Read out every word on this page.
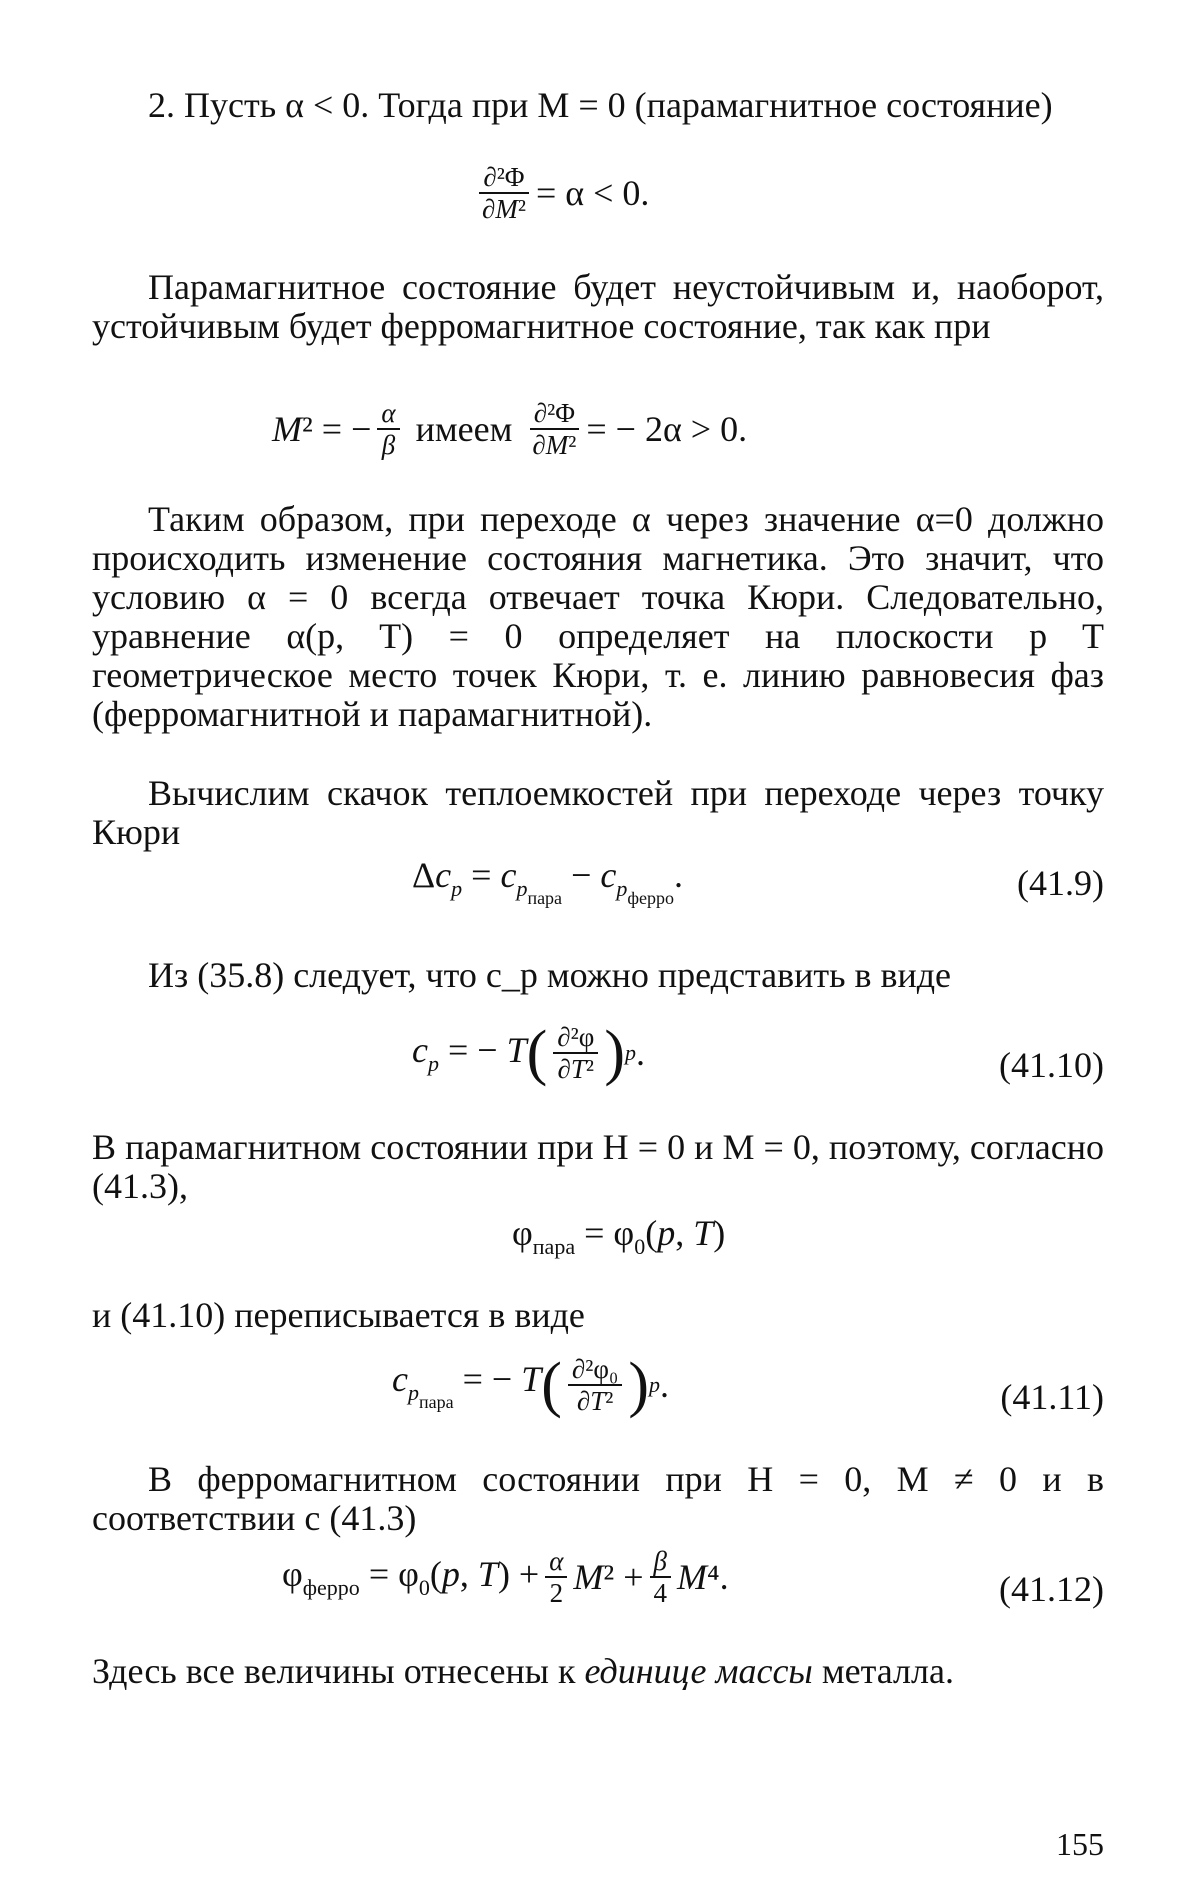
2. Пусть α < 0. Тогда при M = 0 (парамагнитное состояние)
$\frac{\text{∂²Φ}}{\text{∂M²}} = \alpha < 0$.
Парамагнитное состояние будет неустойчивым и, наоборот, устойчивым будет ферромагнитное состояние, так как при
M² = − $\frac{\alpha}{\beta}$ имеем $\frac{\text{∂²Φ}}{\text{∂M²}}$ = − 2α > 0.
Таким образом, при переходе α через значение α=0 должно происходить изменение состояния магнетика. Это значит, что условию α = 0 всегда отвечает точка Кюри. Следовательно, уравнение α(p, T) = 0 определяет на плоскости p T геометрическое место точек Кюри, т. е. линию равновесия фаз (ферромагнитной и парамагнитной).
Вычислим скачок теплоемкостей при переходе через точку Кюри
$\Delta c_p = c_{p_{пара}} - c_{p_{ферро}}$.	(41.9)
Из (35.8) следует, что c_p можно представить в виде
$c_p$ = − T ( $\frac{\text{∂²φ}}{\text{∂T²}}$ ) p .	(41.10)
В парамагнитном состоянии при H = 0 и M = 0, поэтому, согласно (41.3),
$\varphi_{пара} = \varphi_0(p$, T)
и (41.10) переписывается в виде
$c_{p_{пара}}$ = − T ( $\frac{\text{∂²φ₀}}{\text{∂T²}}$ ) p .	(41.11)
В ферромагнитном состоянии при H = 0, M ≠ 0 и в соответствии с (41.3)
$\varphi_{ферро} = \varphi_0(p$, $T) + \frac{\alpha}{2} M^2 + \frac{\beta}{4} M^4$.	(41.12)
Здесь все величины отнесены к единице массы металла.
155
